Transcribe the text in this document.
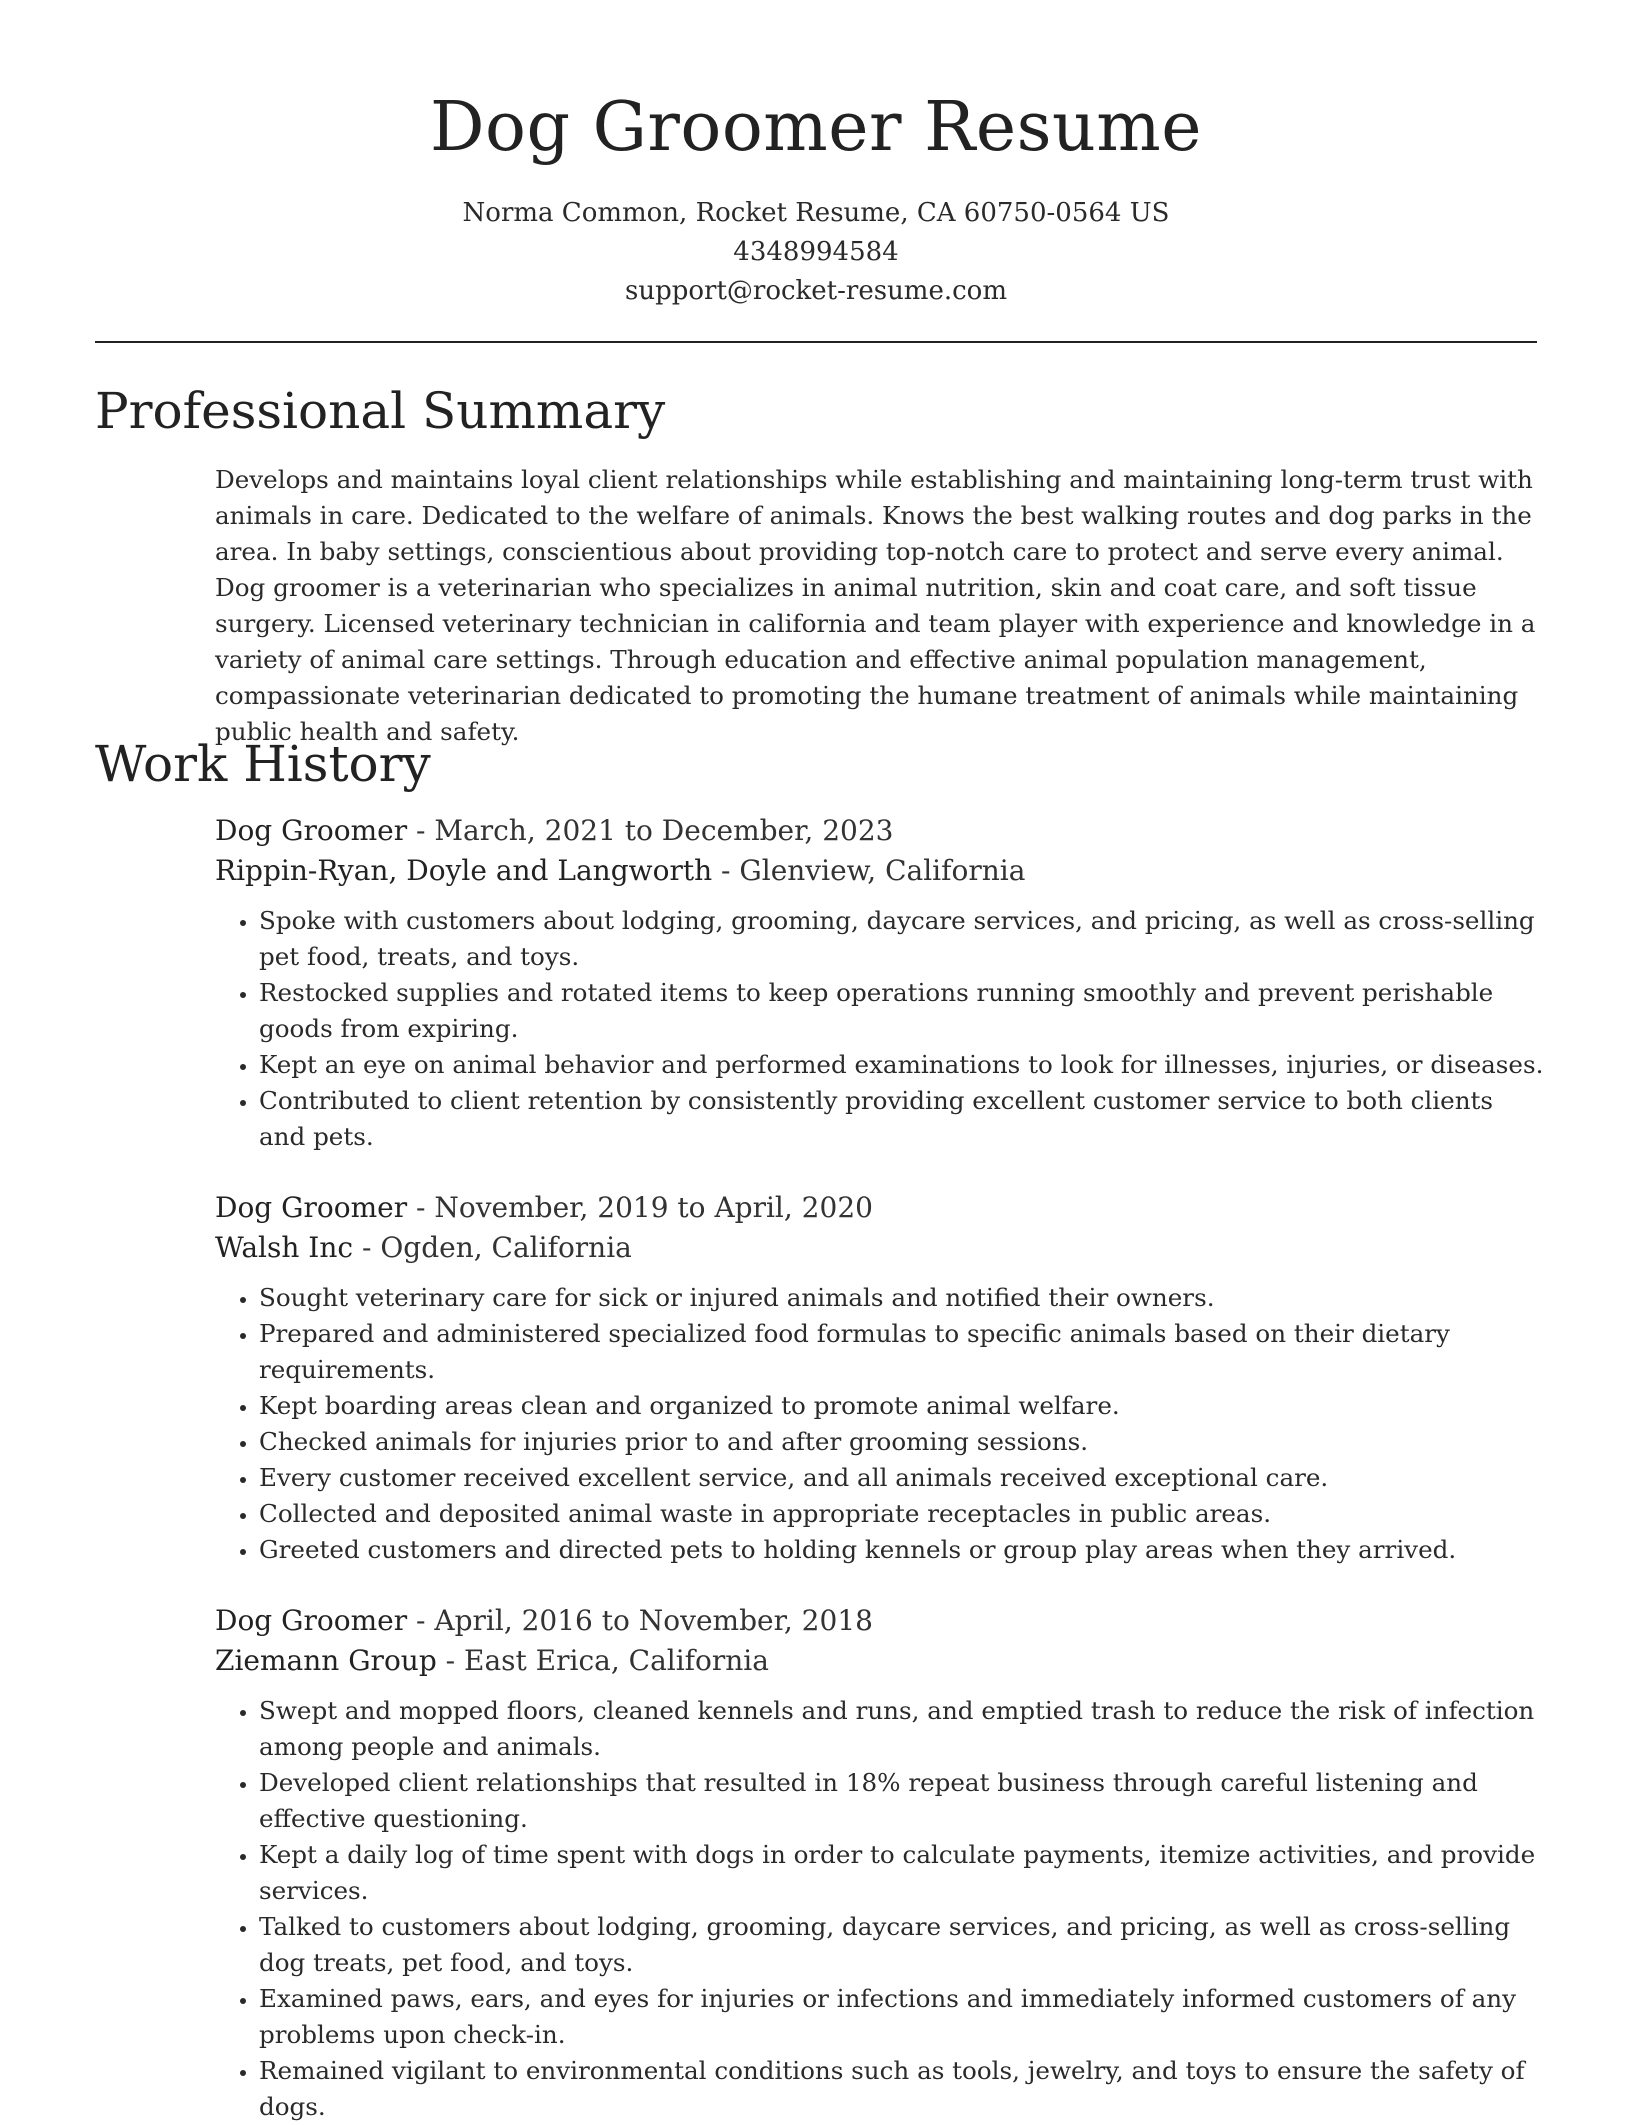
Dog Groomer Resume
Norma Common, Rocket Resume, CA 60750-0564 US
4348994584
support@rocket-resume.com
Professional Summary

Develops and maintains loyal client relationships while establishing and maintaining long-term trust with animals in care. Dedicated to the welfare of animals. Knows the best walking routes and dog parks in the area. In baby settings, conscientious about providing top-notch care to protect and serve every animal. Dog groomer is a veterinarian who specializes in animal nutrition, skin and coat care, and soft tissue surgery. Licensed veterinary technician in california and team player with experience and knowledge in a variety of animal care settings. Through education and effective animal population management, compassionate veterinarian dedicated to promoting the humane treatment of animals while maintaining public health and safety.

Work History

Dog Groomer - March, 2021 to December, 2023

Rippin-Ryan, Doyle and Langworth - Glenview, California

• Spoke with customers about lodging, grooming, daycare services, and pricing, as well as cross-selling pet food, treats, and toys.
• Restocked supplies and rotated items to keep operations running smoothly and prevent perishable goods from expiring.
• Kept an eye on animal behavior and performed examinations to look for illnesses, injuries, or diseases.
• Contributed to client retention by consistently providing excellent customer service to both clients and pets.

Dog Groomer - November, 2019 to April, 2020

Walsh Inc - Ogden, California

• Sought veterinary care for sick or injured animals and notified their owners.
• Prepared and administered specialized food formulas to specific animals based on their dietary requirements.
• Kept boarding areas clean and organized to promote animal welfare.
• Checked animals for injuries prior to and after grooming sessions.
• Every customer received excellent service, and all animals received exceptional care.
• Collected and deposited animal waste in appropriate receptacles in public areas.
• Greeted customers and directed pets to holding kennels or group play areas when they arrived.

Dog Groomer - April, 2016 to November, 2018

Ziemann Group - East Erica, California

• Swept and mopped floors, cleaned kennels and runs, and emptied trash to reduce the risk of infection among people and animals.
• Developed client relationships that resulted in 18% repeat business through careful listening and effective questioning.
• Kept a daily log of time spent with dogs in order to calculate payments, itemize activities, and provide services.
• Talked to customers about lodging, grooming, daycare services, and pricing, as well as cross-selling dog treats, pet food, and toys.
• Examined paws, ears, and eyes for injuries or infections and immediately informed customers of any problems upon check-in.
• Remained vigilant to environmental conditions such as tools, jewelry, and toys to ensure the safety of dogs.
